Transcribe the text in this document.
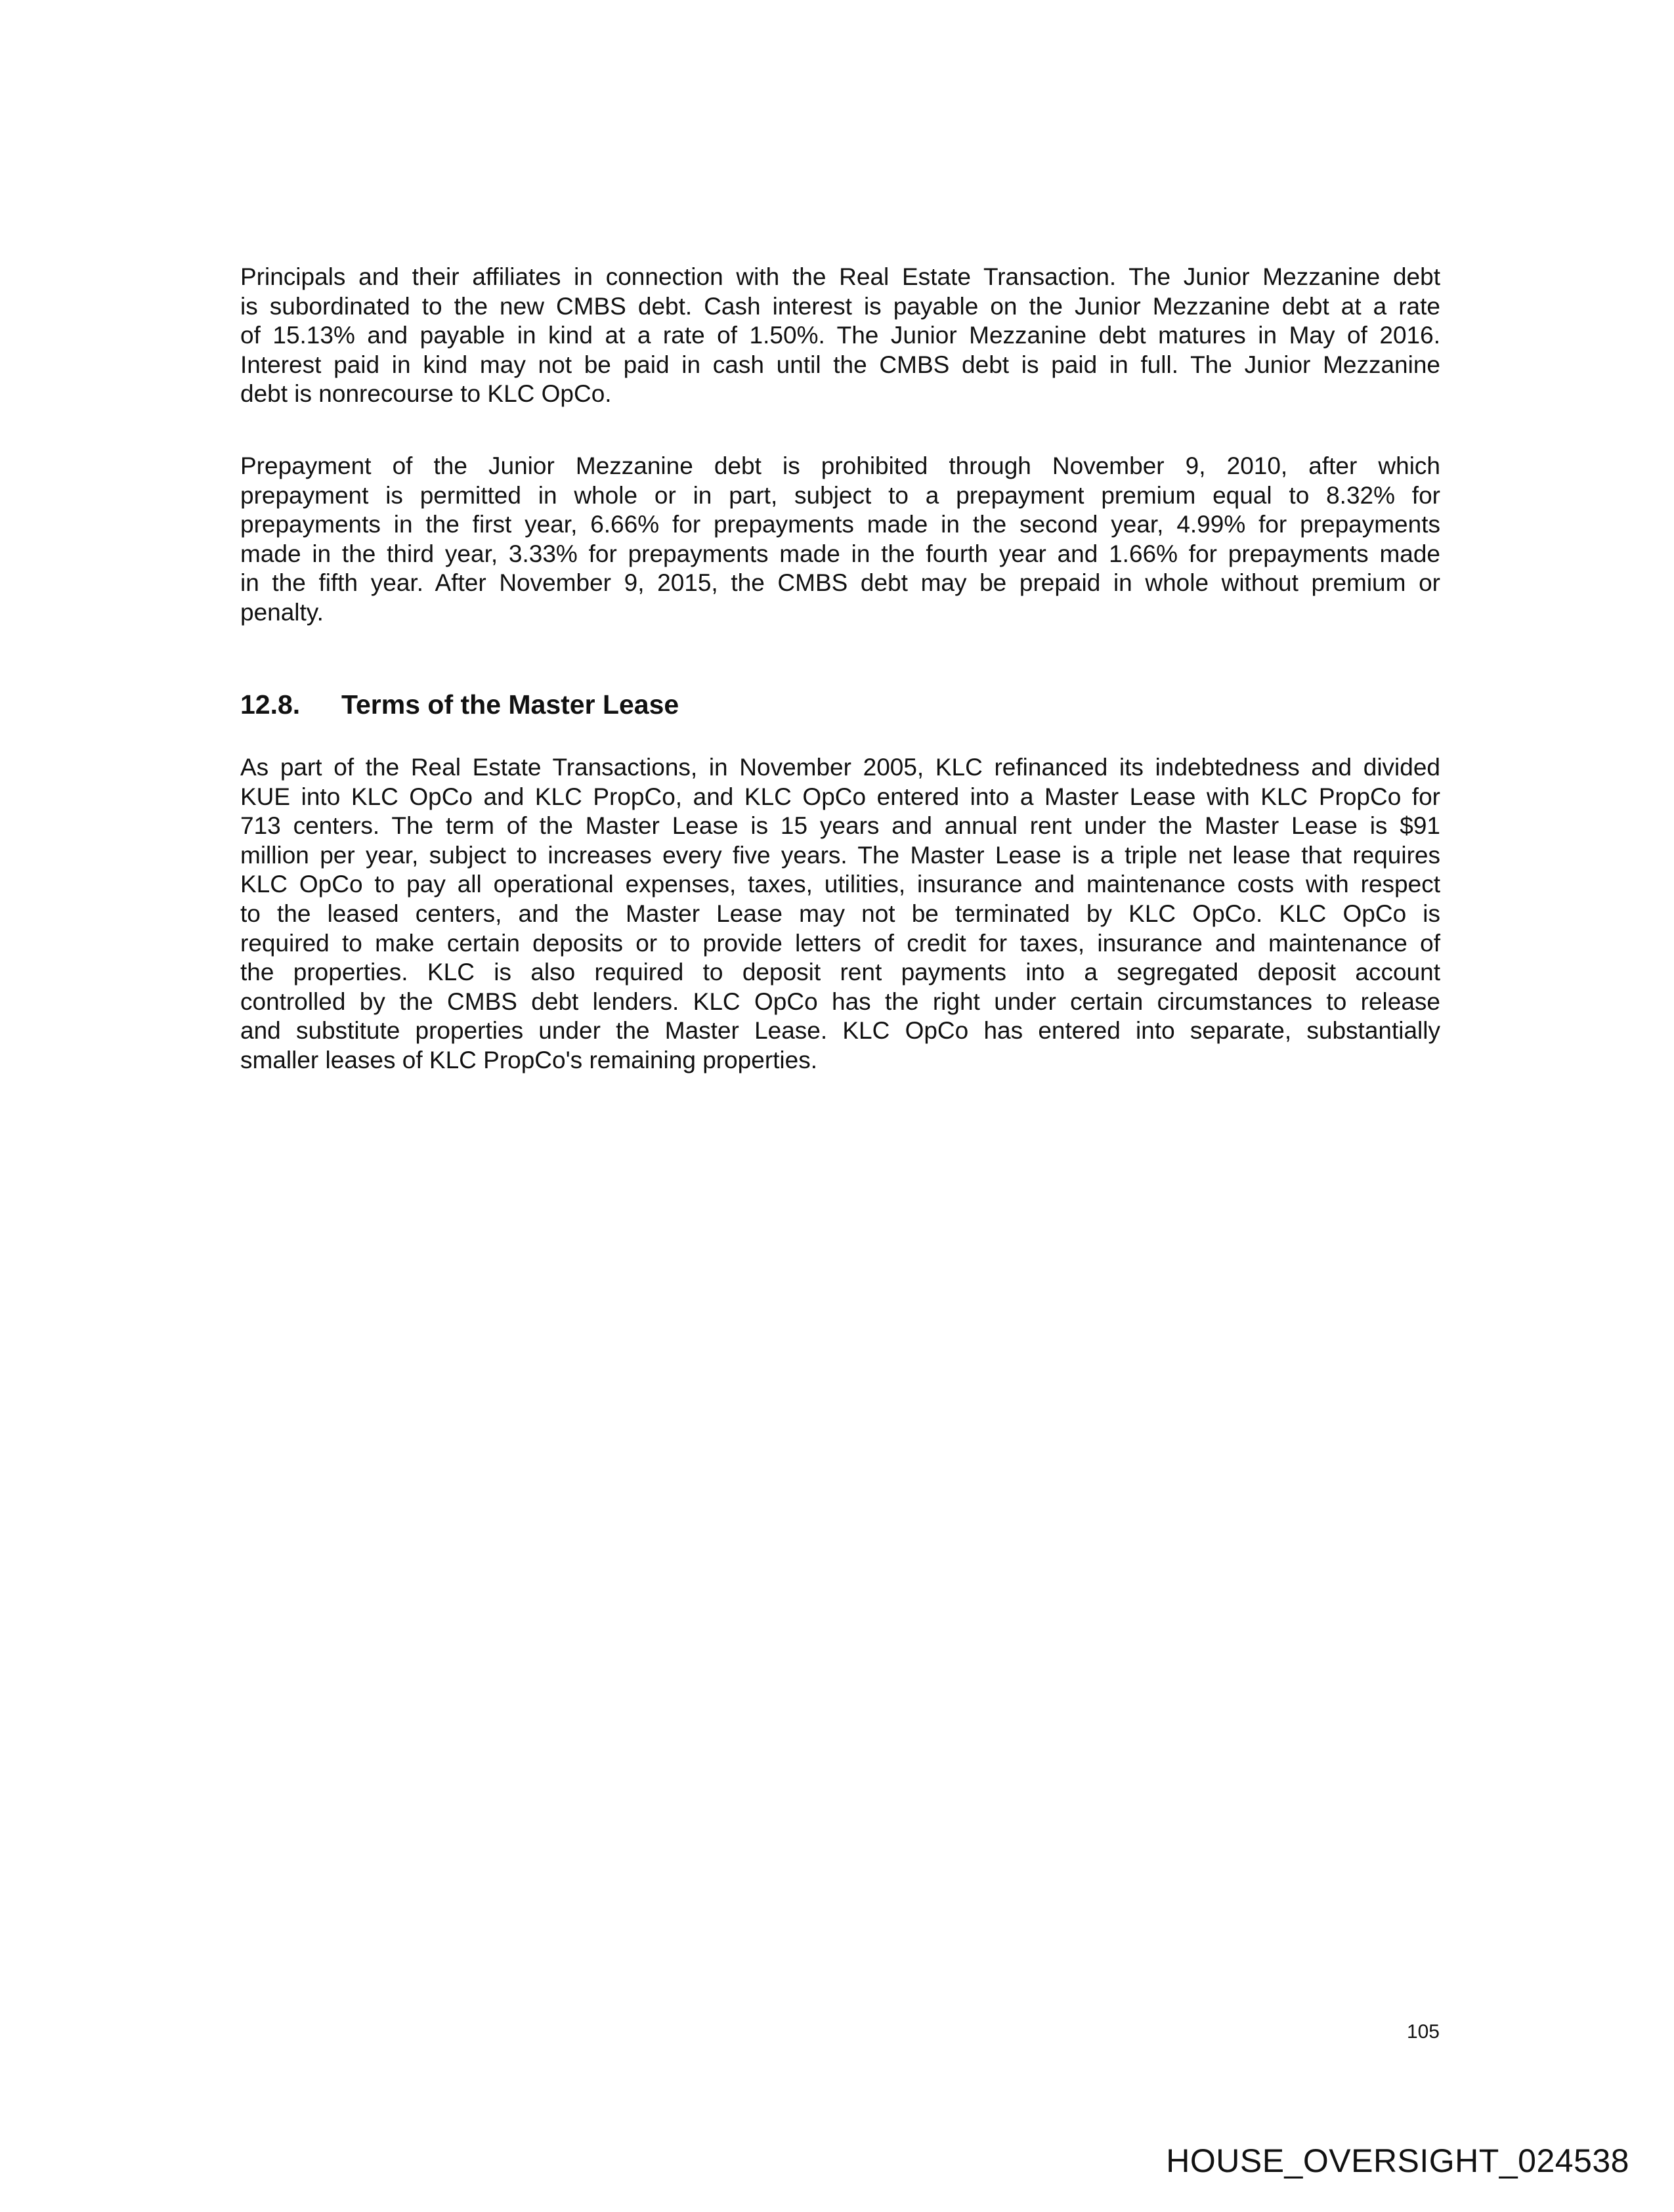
Principals and their affiliates in connection with the Real Estate Transaction. The Junior Mezzanine debt
is subordinated to the new CMBS debt. Cash interest is payable on the Junior Mezzanine debt at a rate
of 15.13% and payable in kind at a rate of 1.50%. The Junior Mezzanine debt matures in May of 2016.
Interest paid in kind may not be paid in cash until the CMBS debt is paid in full. The Junior Mezzanine
debt is nonrecourse to KLC OpCo.
Prepayment of the Junior Mezzanine debt is prohibited through November 9, 2010, after which
prepayment is permitted in whole or in part, subject to a prepayment premium equal to 8.32% for
prepayments in the first year, 6.66% for prepayments made in the second year, 4.99% for prepayments
made in the third year, 3.33% for prepayments made in the fourth year and 1.66% for prepayments made
in the fifth year. After November 9, 2015, the CMBS debt may be prepaid in whole without premium or
penalty.
12.8. Terms of the Master Lease
As part of the Real Estate Transactions, in November 2005, KLC refinanced its indebtedness and divided
KUE into KLC OpCo and KLC PropCo, and KLC OpCo entered into a Master Lease with KLC PropCo for
713 centers. The term of the Master Lease is 15 years and annual rent under the Master Lease is $91
million per year, subject to increases every five years. The Master Lease is a triple net lease that requires
KLC OpCo to pay all operational expenses, taxes, utilities, insurance and maintenance costs with respect
to the leased centers, and the Master Lease may not be terminated by KLC OpCo. KLC OpCo is
required to make certain deposits or to provide letters of credit for taxes, insurance and maintenance of
the properties. KLC is also required to deposit rent payments into a segregated deposit account
controlled by the CMBS debt lenders. KLC OpCo has the right under certain circumstances to release
and substitute properties under the Master Lease. KLC OpCo has entered into separate, substantially
smaller leases of KLC PropCo's remaining properties.
105
HOUSE_OVERSIGHT_024538
